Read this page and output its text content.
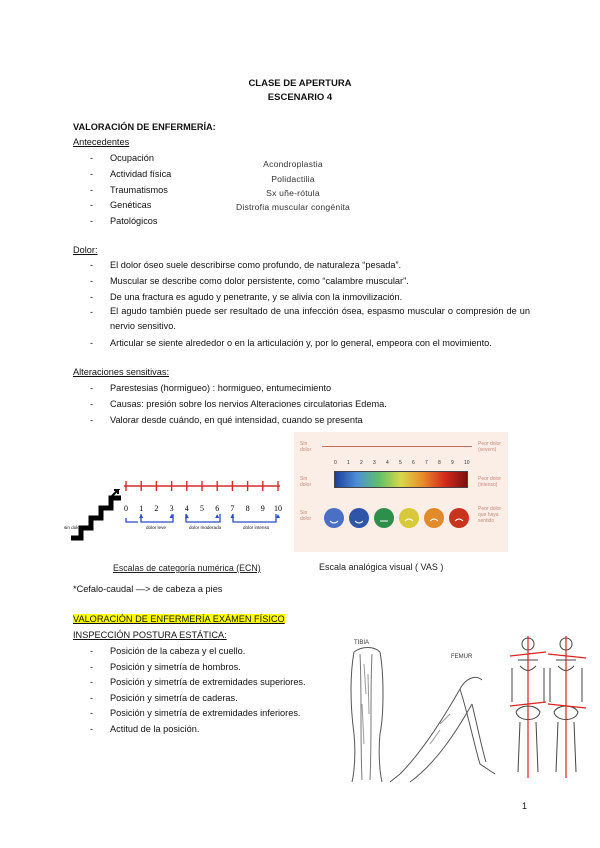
CLASE DE APERTURA
ESCENARIO 4
VALORACIÓN DE ENFERMERÍA:
Antecedentes
- Ocupación
- Actividad física
- Traumatismos
- Genéticas
- Patológicos
Acondroplastia
Polidactilia
Sx uñe-rótula
Distrofia muscular congénita
Dolor:
- El dolor óseo suele describirse como profundo, de naturaleza “pesada”.
- Muscular se describe como dolor persistente, como “calambre muscular”.
- De una fractura es agudo y penetrante, y se alivia con la inmovilización.
- El agudo también puede ser resultado de una infección ósea, espasmo muscular o compresión de un nervio sensitivo.
- Articular se siente alrededor o en la articulación y, por lo general, empeora con el movimiento.
Alteraciones sensitivas:
- Parestesias (hormigueo) : hormigueo, entumecimiento
- Causas: presión sobre los nervios Alteraciones circulatorias Edema.
- Valorar desde cuándo, en qué intensidad, cuando se presenta
0 1 2 3 4 5 6 7 8 9 10
sin dolor	dolor leve	dolor moderado	dolor intenso
Escalas de categoría numérica (ECN)
Sin dolor
Sin dolor
Sin dolor
Peor dolor (severo)
Peor dolor (intenso)
Peor dolor que haya sentido
0 1 2 3 4 5 6 7 8 9 10
Escala analógica visual ( VAS )
*Cefalo-caudal —> de cabeza a pies
VALORACIÓN DE ENFERMERÍA EXÁMEN FÍSICO
INSPECCIÓN POSTURA ESTÁTICA:
- Posición de la cabeza y el cuello.
- Posición y simetría de hombros.
- Posición y simetría de extremidades superiores.
- Posición y simetría de caderas.
- Posición y simetría de extremidades inferiores.
- Actitud de la posición.
TIBIA
FEMUR
1
